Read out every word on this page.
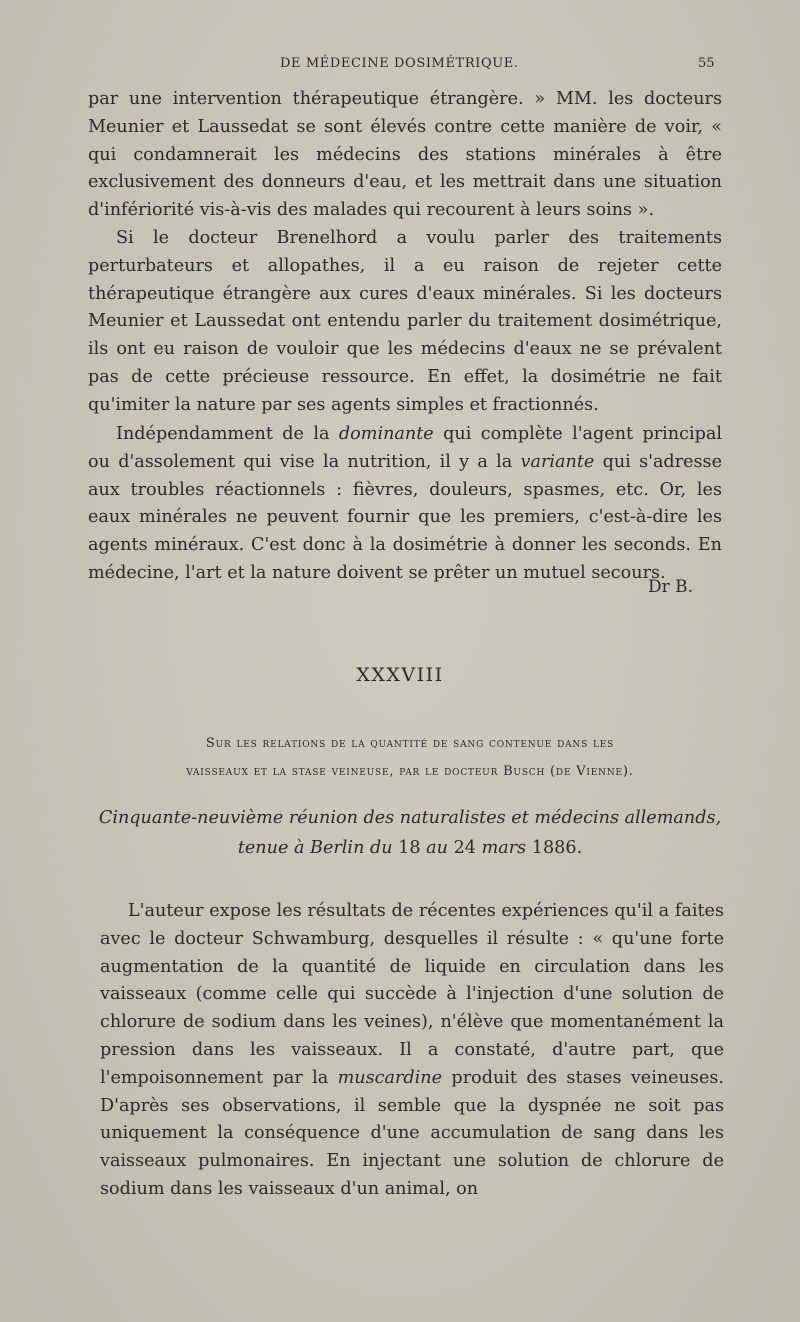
DE MÉDECINE DOSIMÉTRIQUE.	55

par une intervention thérapeutique étrangère. » MM. les docteurs Meunier et Laussedat se sont élevés contre cette manière de voir, « qui condamnerait les médecins des stations minérales à être exclusivement des donneurs d'eau, et les mettrait dans une situation d'infériorité vis-à-vis des malades qui recourent à leurs soins ».

Si le docteur Brenelhord a voulu parler des traitements perturbateurs et allopathes, il a eu raison de rejeter cette thérapeutique étrangère aux cures d'eaux minérales. Si les docteurs Meunier et Laussedat ont entendu parler du traitement dosimétrique, ils ont eu raison de vouloir que les médecins d'eaux ne se prévalent pas de cette précieuse ressource. En effet, la dosimétrie ne fait qu'imiter la nature par ses agents simples et fractionnés.

Indépendamment de la dominante qui complète l'agent principal ou d'assolement qui vise la nutrition, il y a la variante qui s'adresse aux troubles réactionnels : fièvres, douleurs, spasmes, etc. Or, les eaux minérales ne peuvent fournir que les premiers, c'est-à-dire les agents minéraux. C'est donc à la dosimétrie à donner les seconds. En médecine, l'art et la nature doivent se prêter un mutuel secours.

Dr B.
XXXVIII

Sur les relations de la quantité de sang contenue dans les

vaisseaux et la stase veineuse, par le docteur Busch (de Vienne).

Cinquante-neuvième réunion des naturalistes et médecins allemands,

tenue à Berlin du 18 au 24 mars 1886.

L'auteur expose les résultats de récentes expériences qu'il a faites avec le docteur Schwamburg, desquelles il résulte : « qu'une forte augmentation de la quantité de liquide en circulation dans les vaisseaux (comme celle qui succède à l'injection d'une solution de chlorure de sodium dans les veines), n'élève que momentanément la pression dans les vaisseaux. Il a constaté, d'autre part, que l'empoisonnement par la muscardine produit des stases veineuses. D'après ses observations, il semble que la dyspnée ne soit pas uniquement la conséquence d'une accumulation de sang dans les vaisseaux pulmonaires. En injectant une solution de chlorure de sodium dans les vaisseaux d'un animal, on
